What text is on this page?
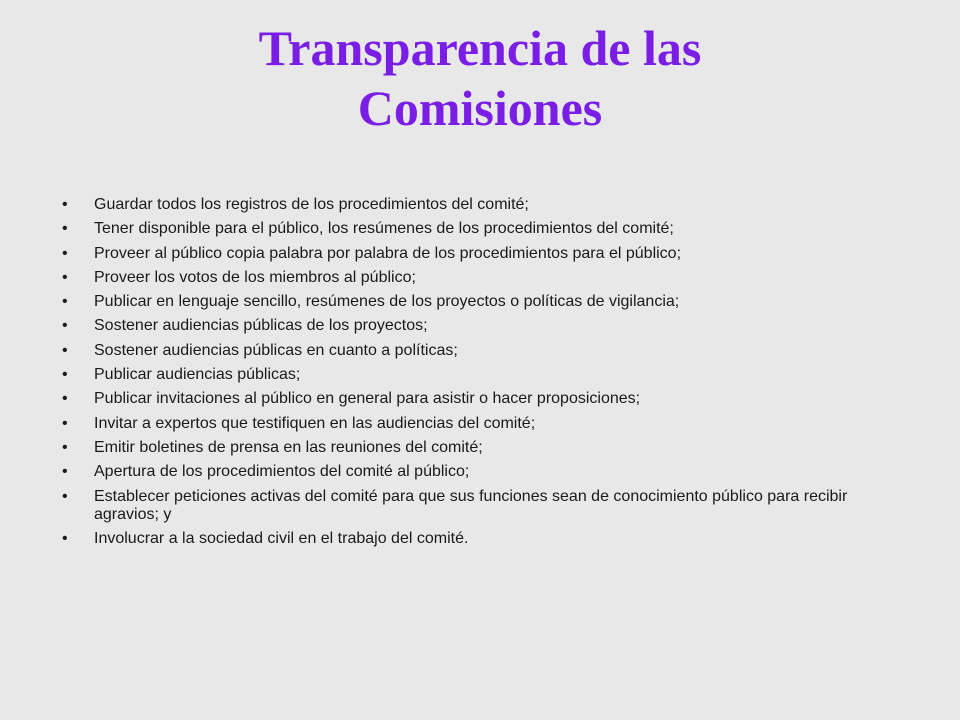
Transparencia de las
Comisiones
•	Guardar todos los registros de los procedimientos del comité;
•	Tener disponible para el público, los resúmenes de los procedimientos del comité;
•	Proveer al público copia palabra por palabra de los procedimientos para el público;
•	Proveer los votos de los miembros al público;
•	Publicar en lenguaje sencillo, resúmenes de los proyectos o políticas de vigilancia;
•	Sostener audiencias públicas de los proyectos;
•	Sostener audiencias públicas en cuanto a políticas;
•	Publicar audiencias públicas;
•	Publicar invitaciones al público en general para asistir o hacer proposiciones;
•	Invitar a expertos que testifiquen en las audiencias del comité;
•	Emitir boletines de prensa en las reuniones del comité;
•	Apertura de los procedimientos del comité al público;
•	Establecer peticiones activas del comité para que sus funciones sean de conocimiento público para recibir agravios; y
•	Involucrar a la sociedad civil en el trabajo del comité.
